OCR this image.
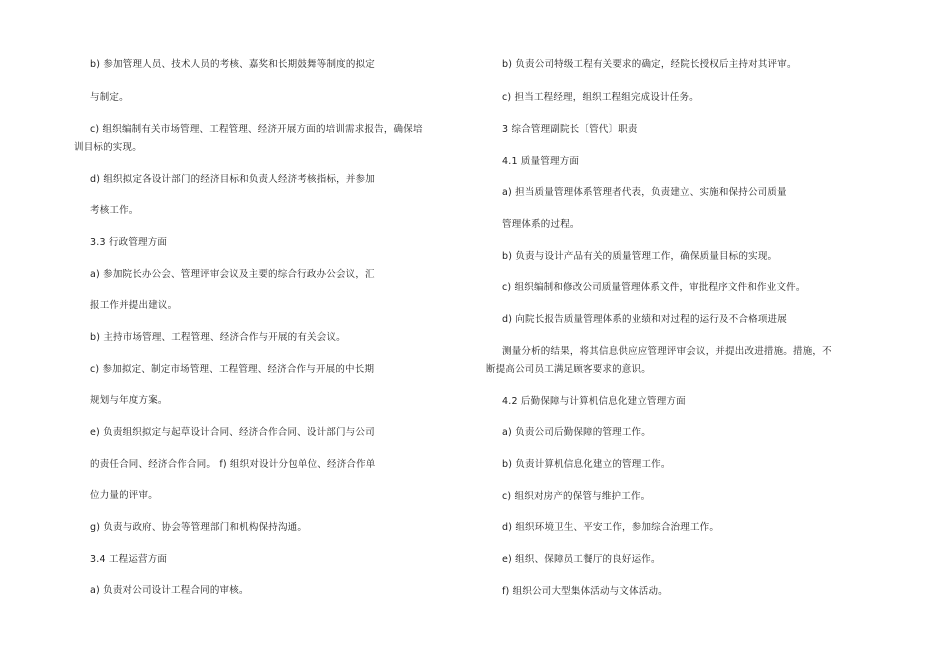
b) 参加管理人员、技术人员的考核、嘉奖和长期鼓舞等制度的拟定
与制定。
c) 组织编制有关市场管理、工程管理、经济开展方面的培训需求报告，确保培
训目标的实现。
d) 组织拟定各设计部门的经济目标和负责人经济考核指标，并参加
考核工作。
3.3 行政管理方面
a) 参加院长办公会、管理评审会议及主要的综合行政办公会议，汇
报工作并提出建议。
b) 主持市场管理、工程管理、经济合作与开展的有关会议。
c) 参加拟定、制定市场管理、工程管理、经济合作与开展的中长期
规划与年度方案。
e) 负责组织拟定与起草设计合同、经济合作合同、设计部门与公司
的责任合同、经济合作合同。 f) 组织对设计分包单位、经济合作单
位力量的评审。
g) 负责与政府、协会等管理部门和机构保持沟通。
3.4 工程运营方面
a) 负责对公司设计工程合同的审核。
b) 负责公司特级工程有关要求的确定，经院长授权后主持对其评审。
c) 担当工程经理，组织工程组完成设计任务。
3 综合管理副院长〔管代〕职责
4.1 质量管理方面
a) 担当质量管理体系管理者代表，负责建立、实施和保持公司质量
管理体系的过程。
b) 负责与设计产品有关的质量管理工作，确保质量目标的实现。
c) 组织编制和修改公司质量管理体系文件，审批程序文件和作业文件。
d) 向院长报告质量管理体系的业绩和对过程的运行及不合格项进展
测量分析的结果，将其信息供应应管理评审会议，并提出改进措施。措施，不
断提高公司员工满足顾客要求的意识。
4.2 后勤保障与计算机信息化建立管理方面
a) 负责公司后勤保障的管理工作。
b) 负责计算机信息化建立的管理工作。
c) 组织对房产的保管与维护工作。
d) 组织环境卫生、平安工作，参加综合治理工作。
e) 组织、保障员工餐厅的良好运作。
f) 组织公司大型集体活动与文体活动。
